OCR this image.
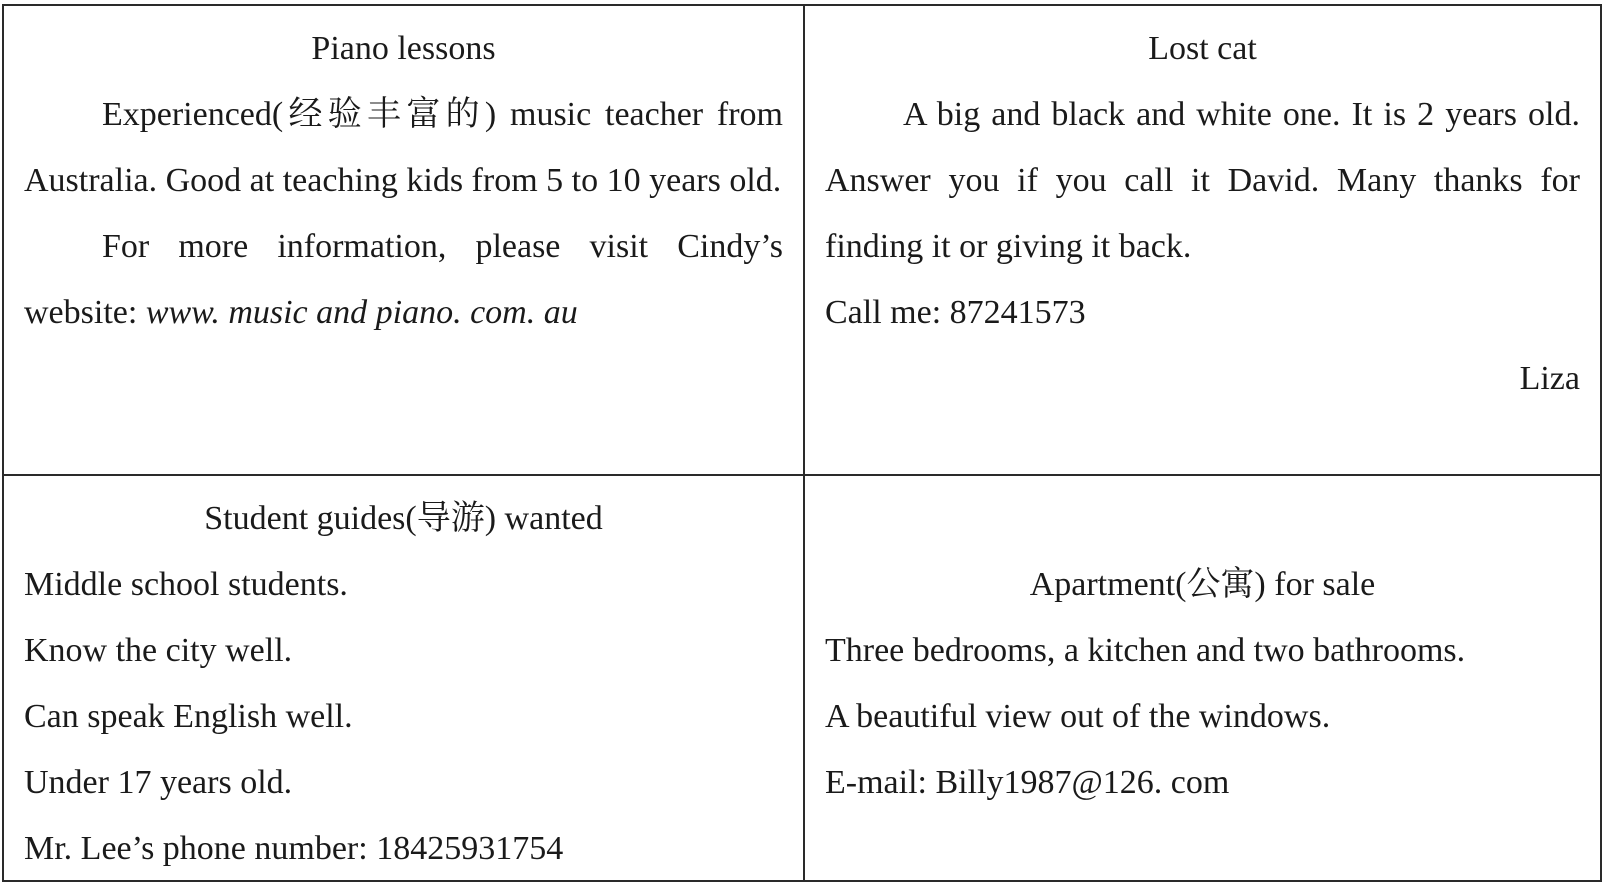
Piano lessons
Experienced(经验丰富的) music teacher from Australia. Good at teaching kids from 5 to 10 years old.
For more information, please visit Cindy’s website: www. music and piano. com. au
Lost cat
A big and black and white one. It is 2 years old. Answer you if you call it David. Many thanks for finding it or giving it back.
Call me: 87241573
Liza
Student guides(导游) wanted
Middle school students.
Know the city well.
Can speak English well.
Under 17 years old.
Mr. Lee’s phone number: 18425931754
Apartment(公寓) for sale
Three bedrooms, a kitchen and two bathrooms.
A beautiful view out of the windows.
E-mail: Billy1987@126. com
